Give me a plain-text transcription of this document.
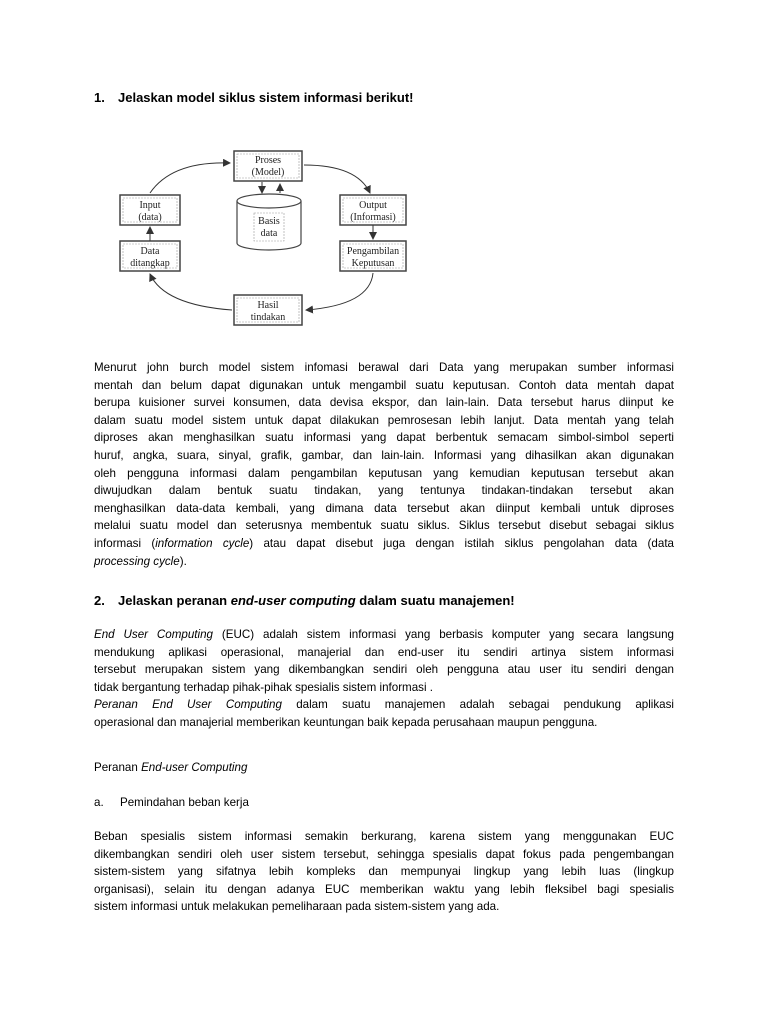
1. Jelaskan model siklus sistem informasi berikut!
Proses
(Model)
Input
(data)	Basis
data
Output
(Informasi)
Data
ditangkap
Pengambilan
Keputusan
Hasil
tindakan
Menurut john burch model sistem infomasi berawal dari Data yang merupakan sumber informasi
mentah dan belum dapat digunakan untuk mengambil suatu keputusan. Contoh data mentah dapat
berupa kuisioner survei konsumen, data devisa ekspor, dan lain-lain. Data tersebut harus diinput ke
dalam suatu model sistem untuk dapat dilakukan pemrosesan lebih lanjut. Data mentah yang telah
diproses akan menghasilkan suatu informasi yang dapat berbentuk semacam simbol-simbol seperti
huruf, angka, suara, sinyal, grafik, gambar, dan lain-lain. Informasi yang dihasilkan akan digunakan
oleh pengguna informasi dalam pengambilan keputusan yang kemudian keputusan tersebut akan
diwujudkan dalam bentuk suatu tindakan, yang tentunya tindakan-tindakan tersebut akan
menghasilkan data-data kembali, yang dimana data tersebut akan diinput kembali untuk diproses
melalui suatu model dan seterusnya membentuk suatu siklus. Siklus tersebut disebut sebagai siklus
informasi (information cycle) atau dapat disebut juga dengan istilah siklus pengolahan data (data
processing cycle).
2. Jelaskan peranan end-user computing dalam suatu manajemen!
End User Computing (EUC) adalah sistem informasi yang berbasis komputer yang secara langsung
mendukung aplikasi operasional, manajerial dan end-user itu sendiri artinya sistem informasi
tersebut merupakan sistem yang dikembangkan sendiri oleh pengguna atau user itu sendiri dengan
tidak bergantung terhadap pihak-pihak spesialis sistem informasi .
Peranan End User Computing dalam suatu manajemen adalah sebagai pendukung aplikasi
operasional dan manajerial memberikan keuntungan baik kepada perusahaan maupun pengguna.
Peranan End-user Computing
a. Pemindahan beban kerja
Beban spesialis sistem informasi semakin berkurang, karena sistem yang menggunakan EUC
dikembangkan sendiri oleh user sistem tersebut, sehingga spesialis dapat fokus pada pengembangan
sistem-sistem yang sifatnya lebih kompleks dan mempunyai lingkup yang lebih luas (lingkup
organisasi), selain itu dengan adanya EUC memberikan waktu yang lebih fleksibel bagi spesialis
sistem informasi untuk melakukan pemeliharaan pada sistem-sistem yang ada.
